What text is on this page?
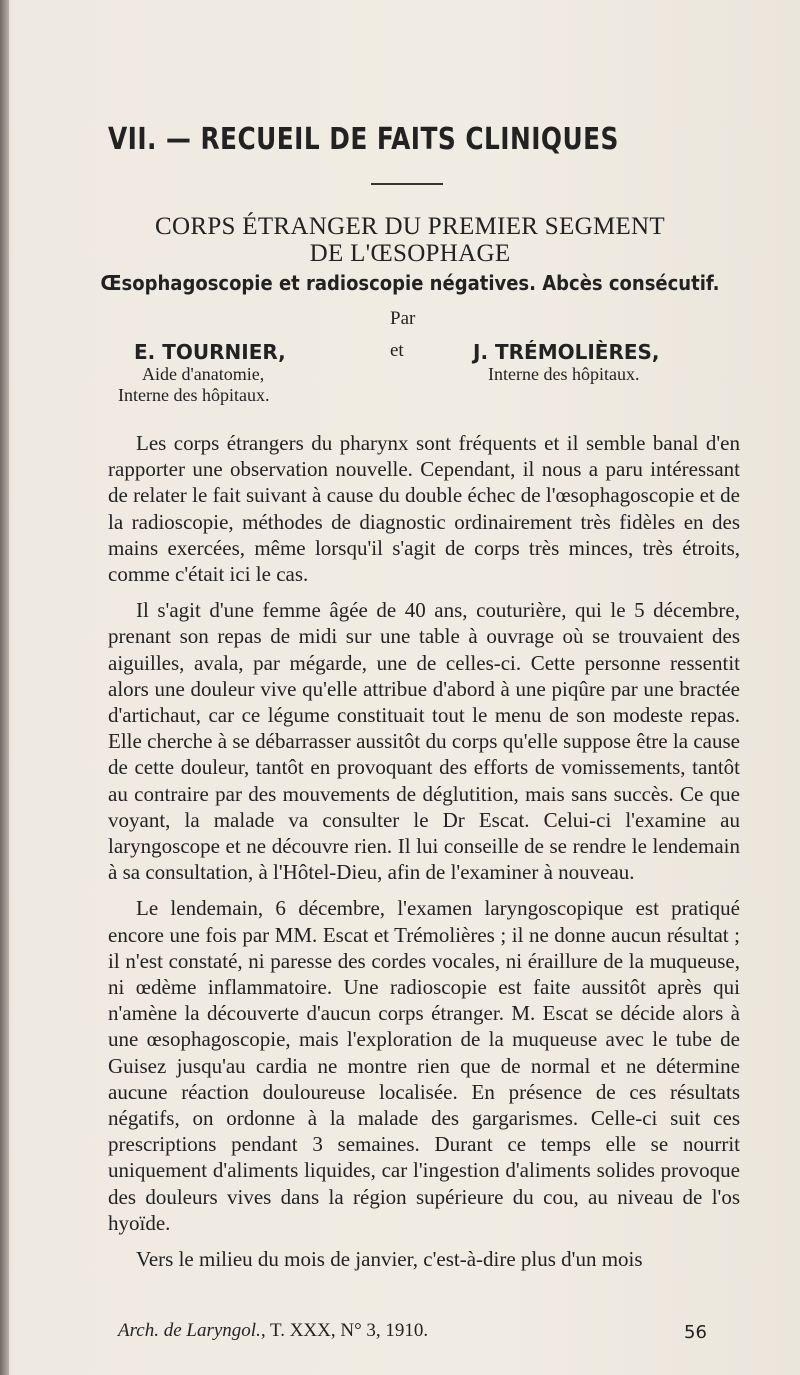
VII. — RECUEIL DE FAITS CLINIQUES
CORPS ÉTRANGER DU PREMIER SEGMENT
DE L'ŒSOPHAGE
Œsophagoscopie et radioscopie négatives. Abcès consécutif.
Par
E. TOURNIER,	et	J. TRÉMOLIÈRES,
Aide d'anatomie,
Interne des hôpitaux.
Interne des hôpitaux.

Les corps étrangers du pharynx sont fréquents et il semble banal d'en rapporter une observation nouvelle. Cependant, il nous a paru intéressant de relater le fait suivant à cause du double échec de l'œsophagoscopie et de la radioscopie, méthodes de diagnostic ordinairement très fidèles en des mains exercées, même lorsqu'il s'agit de corps très minces, très étroits, comme c'était ici le cas.

Il s'agit d'une femme âgée de 40 ans, couturière, qui le 5 décembre, prenant son repas de midi sur une table à ouvrage où se trouvaient des aiguilles, avala, par mégarde, une de celles-ci. Cette personne ressentit alors une douleur vive qu'elle attribue d'abord à une piqûre par une bractée d'artichaut, car ce légume constituait tout le menu de son modeste repas. Elle cherche à se débarrasser aussitôt du corps qu'elle suppose être la cause de cette douleur, tantôt en provoquant des efforts de vomissements, tantôt au contraire par des mouvements de déglutition, mais sans succès. Ce que voyant, la malade va consulter le Dr Escat. Celui-ci l'examine au laryngoscope et ne découvre rien. Il lui conseille de se rendre le lendemain à sa consultation, à l'Hôtel-Dieu, afin de l'examiner à nouveau.

Le lendemain, 6 décembre, l'examen laryngoscopique est pratiqué encore une fois par MM. Escat et Trémolières ; il ne donne aucun résultat ; il n'est constaté, ni paresse des cordes vocales, ni éraillure de la muqueuse, ni œdème inflammatoire. Une radioscopie est faite aussitôt après qui n'amène la découverte d'aucun corps étranger. M. Escat se décide alors à une œsophagoscopie, mais l'exploration de la muqueuse avec le tube de Guisez jusqu'au cardia ne montre rien que de normal et ne détermine aucune réaction douloureuse localisée. En présence de ces résultats négatifs, on ordonne à la malade des gargarismes. Celle-ci suit ces prescriptions pendant 3 semaines. Durant ce temps elle se nourrit uniquement d'aliments liquides, car l'ingestion d'aliments solides provoque des douleurs vives dans la région supérieure du cou, au niveau de l'os hyoïde.

Vers le milieu du mois de janvier, c'est-à-dire plus d'un mois

Arch. de Laryngol., T. XXX, N° 3, 1910.	56
